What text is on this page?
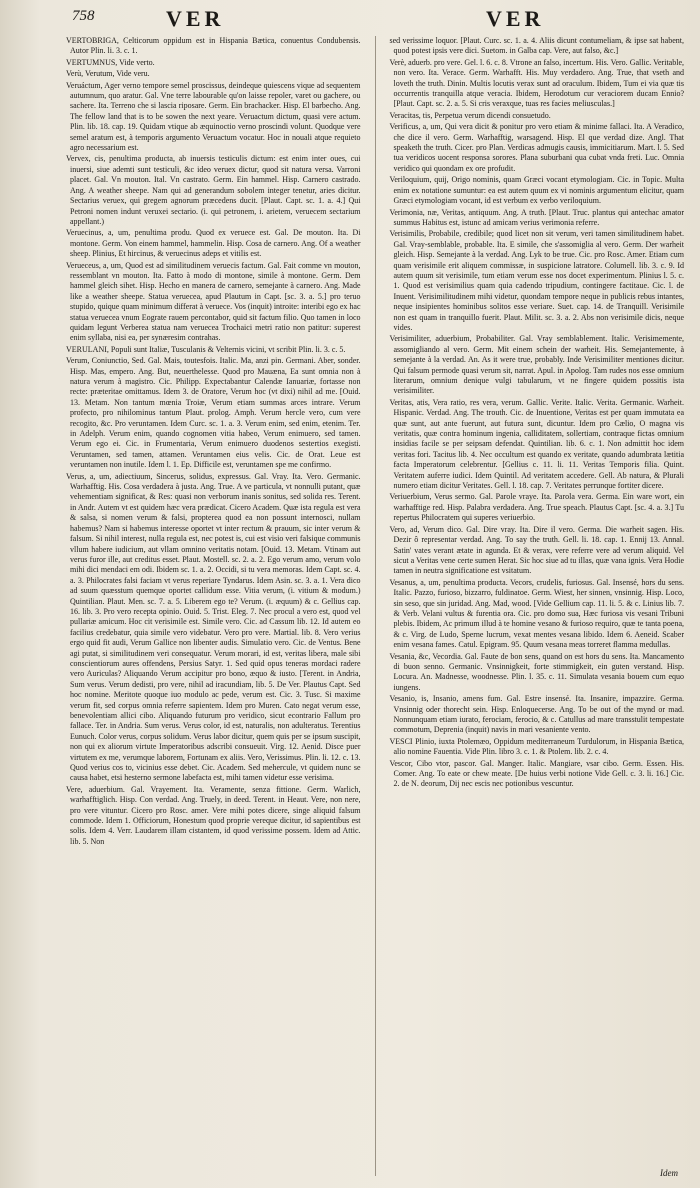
758	VER	VER

VERTOBRIGA, Celticorum oppidum est in Hispania Bætica, conuentus Condubensis. Autor Plin. li. 3. c. 1.

VERTUMNUS, Vide verto.

Verù, Verutum, Vide veru.

Veruáctum, Ager verno tempore semel proscissus, deindeque quiescens vique ad sequentem autumnum, quo aratur. Gal. Vne terre labourable qu'on laisse repoler, varet ou gachere, ou sachere. Ita. Terreno che si lascia riposare. Germ. Ein brachacker. Hisp. El barbecho. Ang. The fellow land that is to be sowen the next yeare. Veruactum dictum, quasi vere actum. Plin. lib. 18. cap. 19. Quidam vtique ab æquinoctio verno proscindi volunt. Quodque vere semel aratum est, à temporis argumento Veruactum vocatur. Hoc in nouali atque requieto agro necessarium est.

Vervex, cis, penultima producta, ab inuersis testiculis dictum: est enim inter oues, cui inuersi, siue ademti sunt testiculi, &c ideo veruex dictur, quod sit natura versa. Varroni placet. Gal. Vn mouton. Ital. Vn castrato. Germ. Ein hammel. Hisp. Carnero castrado. Ang. A weather sheepe. Nam qui ad generandum sobolem integer tenetur, aries dicitur. Sectarius veruex, qui gregem agnorum præcedens ducit. [Plaut. Capt. sc. 1. a. 4.] Qui Petroni nomen indunt veruxei sectario. (i. qui petronem, i. arietem, veruecem sectarium appellant.)

Veruecinus, a, um, penultima produ. Quod ex veruece est. Gal. De mouton. Ita. Di montone. Germ. Von einem hammel, hammelin. Hisp. Cosa de carnero. Ang. Of a weather sheep. Plinius, Et hircinus, & veruecinus adeps et vitilis est.

Verueceus, a, um, Quod est ad similitudinem veruecis factum. Gal. Fait comme vn mouton, ressemblant vn mouton. Ita. Fatto à modo di montone, simile à montone. Germ. Dem hammel gleich sihet. Hisp. Hecho en manera de carnero, semejante à carnero. Ang. Made like a weather sheepe. Statua veruecea, apud Plautum in Capt. [sc. 3. a. 5.] pro teruo stupido, quique quam minimum differat à veruece. Vos (inquit) introite: interibi ego ex hac statua veruecea vnum Eograte rauem percontabor, quid sit factum filio. Quo tamen in loco quidam legunt Verberea statua nam veruecea Trochaici metri ratio non patitur: superest enim syllaba, nisi ea, per synæresim contrahas.

VERULANI, Populi sunt Italiæ, Tusculanis & Velternis vicini, vt scribit Plin. li. 3. c. 5.

Verum, Coniunctio, Sed. Gal. Mais, toutesfois. Italic. Ma, anzi pin. Germani. Aber, sonder. Hisp. Mas, empero. Ang. But, neuerthelesse. Quod pro Mauæna, Ea sunt omnia non à natura verum à magistro. Cic. Philipp. Expectabantur Calendæ Ianuariæ, fortasse non recte: præteritae omittamus. Idem 3. de Oratore, Verum hoc (vt dixi) nihil ad me. [Ouid. 13. Metam. Non tantum mœnia Troiæ, Verum etiam summas arces intrare. Verum profecto, pro nihilominus tantum Plaut. prolog. Amph. Verum hercle vero, cum vere recogito, &c. Pro veruntamen. Idem Curc. sc. 1. a. 3. Verum enim, sed enim, etenim. Ter. in Adelph. Verum enim, quando cognomen vitia habeo, Verum enimuero, sed tamen. Verum ego ei. Cic. in Frumentaria, Verum enimuero duodenos sestertios exegisti. Veruntamen, sed tamen, attamen. Veruntamen eius velis. Cic. de Orat. Leue est veruntamen non inutile. Idem l. 1. Ep. Difficile est, veruntamen spe me confirmo.

Verus, a, um, adiectiuum, Sincerus, solidus, expressus. Gal. Vray. Ita. Vero. Germanic. Warhafftig. His. Cosa verdadera à justa. Ang. True. A ve particula, vt nonnulli putant, quæ vehementiam significat, & Res: quasi non verborum inanis sonitus, sed solida res. Terent. in Andr. Autem vt est quidem hæc vera prædicat. Cicero Academ. Quæ ista regula est vera & salsa, si nomen verum & falsi, propterea quod ea non possunt internosci, nullam habemus? Nam si habemus interesse oportet vt inter rectum & prauum, sic inter verum & falsum. Si nihil interest, nulla regula est, nec potest is, cui est visio veri falsique communis vllum habere iudicium, aut vllam omnino veritatis notam. [Ouid. 13. Metam. Vtinam aut verus furor ille, aut creditus esset. Plaut. Mostell. sc. 2. a. 2. Ego verum amo, verum volo mihi dici mendaci em odi. Ibidem sc. 1. a. 2. Occidi, si tu vera memoras. Idem Capt. sc. 4. a. 3. Philocrates falsi faciam vt verus reperiare Tyndarus. Idem Asin. sc. 3. a. 1. Vera dico ad suum quæsstum quemque oportet callidum esse. Vitia verum, (i. vitium & modum.) Quintilian. Plaut. Men. sc. 7. a. 5. Liberem ego te? Verum. (i. æquum) & c. Gellius cap. 16. lib. 3. Pro vero recepta opinio. Ouid. 5. Trist. Eleg. 7. Nec procul a vero est, quod vel pullariæ amicum. Hoc cit verisimile est. Simile vero. Cic. ad Cassum lib. 12. Id autem eo facilius credebatur, quia simile vero videbatur. Vero pro vere. Martial. lib. 8. Vero verius ergo quid fit audi, Verum Gallice non libenter audis. Simulatio vero. Cic. de Ventus. Bene agi putat, si similitudinem veri consequatur. Verum morari, id est, veritas libera, male sibi conscientiorum aures offendens, Persius Satyr. 1. Sed quid opus teneras mordaci radere vero Auriculas? Aliquando Verum accipitur pro bono, æquo & iusto. [Terent. in Andria, Sum verus. Verum dedisti, pro vere, nihil ad iracundiam, lib. 5. De Ver. Plautus Capt. Sed hoc nomine. Meritote quoque iuo modulo ac pede, verum est. Cic. 3. Tusc. Si maxime verum fit, sed corpus omnia referre sapientem. Idem pro Muren. Cato negat verum esse, benevolentiam allici cibo. Aliquando futurum pro veridico, sicut econtrario Fallum pro fallace. Ter. in Andria. Sum verus. Verus color, id est, naturalis, non adulteratus. Terentius Eunuch. Color verus, corpus solidum. Verus labor dicitur, quem quis per se ipsum suscipit, non qui ex aliorum virtute Imperatoribus adscribi consueuit. Virg. 12. Aenid. Disce puer virtutem ex me, verumque laborem, Fortunam ex aliis. Vero, Verissimus. Plin. li. 12. c. 13. Quod verius cos to, vicinius esse debet. Cic. Academ. Sed mehercule, vt quidem nunc se causa habet, etsi hesterno sermone labefacta est, mihi tamen videtur esse verisima.

Vere, aduerbium. Gal. Vrayement. Ita. Veramente, senza fittione. Germ. Warlich, warhafftiglich. Hisp. Con verdad. Ang. Truely, in deed. Terent. in Heaut. Vere, non nere, pro vere vituntur. Cicero pro Rosc. amer. Vere mihi potes dicere, singe aliquid falsum commode. Idem 1. Officiorum, Honestum quod proprie vereque dicitur, id sapientibus est solis. Idem 4. Verr. Laudarem illam cistantem, id quod verissime possem. Idem ad Attic. lib. 5. Non

sed verissime loquor. [Plaut. Curc. sc. 1. a. 4. Aliis dicunt contumeliam, & ipse sat habent, quod potest ipsis vere dici. Suetom. in Galba cap. Vere, aut falso, &c.]

Verè, aduerb. pro vere. Gel. l. 6. c. 8. Vtrone an falso, incertum. His. Vero. Gallic. Veritable, non vero. Ita. Verace. Germ. Warhafft. His. Muy verdadero. Ang. True, that vseth and loveth the truth. Dinin. Multis locutis verax sunt ad oraculum. Ibidem, Tum ei via quæ tis occurrentis tranquilla atque veracia. Ibidem, Herodotum cur veraciorem ducam Ennio? [Plaut. Capt. sc. 2. a. 5. Si cris veraxque, tuas res facies meliusculas.]

Veracitas, tis, Perpetua verum dicendi consuetudo.

Verificus, a, um, Qui vera dicit & ponitur pro vero etiam & minime fallaci. Ita. A Veradico, che dice il vero. Germ. Warhafftig, warsagend. Hisp. El que verdad dize. Angl. That speaketh the truth. Cicer. pro Plan. Verdicas admugis causis, immicitiarum. Mart. l. 5. Sed tua veridicos uocent responsa sorores. Plana suburbani qua cubat vnda freti. Luc. Omnia veridico qui quondam ex ore profudit.

Veriloquium, quij, Origo nominis, quam Græci vocant etymologiam. Cic. in Topic. Multa enim ex notatione sumuntur: ea est autem quum ex vi nominis argumentum elicitur, quam Græci etymologiam vocant, id est verbum ex verbo veriloquium.

Verimonia, næ, Veritas, antiquum. Ang. A truth. [Plaut. Truc. plantus qui antechac amator summus Habitus est, istunc ad amicam verius verimonia referre.

Verisimilis, Probabile, credibile; quod licet non sit verum, veri tamen similitudinem habet. Gal. Vray-semblable, probable. Ita. E simile, che s'assomiglia al vero. Germ. Der warheit gleich. Hisp. Semejante à la verdad. Ang. Lyk to be true. Cic. pro Rosc. Amer. Etiam cum quam verisimile erit aliquem commissæ, in suspicione latratore. Columell. lib. 3. c. 9. Id autem quum sit verisimile, tum etiam verum esse nos docet experimentum. Plinius l. 5. c. 1. Quod est verisimilius quam quia cadendo tripudium, contingere factitaue. Cic. l. de Inuent. Verisimilitudinem mihi videtur, quondam tempore neque in publicis rebus intantes, neque insipientes hominibus solitos esse veriare. Suet. cap. 14. de Tranquill. Verisimile non est quam in tranquillo fuerit. Plaut. Milit. sc. 3. a. 2. Abs non verisimile dicis, neque vides.

Verisimiliter, aduerbium, Probabiliter. Gal. Vray semblablement. Italic. Verisimemente, assomigliando al vero. Germ. Mit einem schein der warheit. His. Semejantemente, à semejante à la verdad. An. As it were true, probably. Inde Verisimiliter mentiones dicitur. Qui falsum permode quasi verum sit, narrat. Apul. in Apolog. Tam rudes nos esse omnium literarum, omnium denique vulgi tabularum, vt ne fingere quidem possitis ista verisimiliter.

Veritas, atis, Vera ratio, res vera, verum. Gallic. Verite. Italic. Verita. Germanic. Warheit. Hispanic. Verdad. Ang. The trouth. Cic. de Inuentione, Veritas est per quam immutata ea quæ sunt, aut ante fuerunt, aut futura sunt, dicuntur. Idem pro Cælio, O magna vis veritatis, quæ contra hominum ingenia, calliditatem, sollertiam, contraque fictas omnium insidias facile se per seipsam defendat. Quintilian. lib. 6. c. 1. Non admittit hoc idem veritas fori. Tacitus lib. 4. Nec occultum est quando ex veritate, quando adumbrata lætitia facta Imperatorum celebrentur. [Gellius c. 11. li. 11. Veritas Temporis filia. Quint. Veritatem auferre iudici. Idem Quintil. Ad veritatem accedere. Gell. Ab natura, & Plurali numero etiam dicitur Veritates. Gell. l. 18. cap. 7. Veritates perrunque fortiter dicere.

Veriuerbium, Verus sermo. Gal. Parole vraye. Ita. Parola vera. Germa. Ein ware wort, ein warhafftige red. Hisp. Palabra verdadera. Ang. True speach. Plautus Capt. [sc. 4. a. 3.] Tu repertus Philocratem qui superes veriuerbio.

Vero, ad, Verum dico. Gal. Dire vray. Ita. Dire il vero. Germa. Die warheit sagen. His. Dezir ô representar verdad. Ang. To say the truth. Gell. li. 18. cap. 1. Ennij 13. Annal. Satin' vates verant ætate in agunda. Et & verax, vere referre vere ad verum aliquid. Vel sicut a Veritas vene certe sumen Herat. Sic hoc siue ad tu illas, quæ vana ignis. Vera Hodie tamen in neutra significatione est vsitatum.

Vesanus, a, um, penultima producta. Vecors, crudelis, furiosus. Gal. Insensé, hors du sens. Italic. Pazzo, furioso, bizzarro, fuldinatoe. Germ. Wiest, her sinnen, vnsinnig. Hisp. Loco, sin seso, que sin juridad. Ang. Mad, wood. [Vide Gellium cap. 11. li. 5. & c. Linius lib. 7. & Verb. Velani vultus & furentia ora. Cic. pro domo sua, Hæc furiosa vis vesani Tribuni plebis. Ibidem, Ac primum illud à te homine vesano & furioso requiro, quæ te tanta poena, & c. Virg. de Ludo, Sperne lucrum, vexat mentes vesana libido. Idem 6. Aeneid. Scaber enim vesana fames. Catul. Epigram. 95. Quum vesana meas torreret flamma medullas.

Vesania, &c, Vecordia. Gal. Faute de bon sens, quand on est hors du sens. Ita. Mancamento di buon senno. Germanic. Vnsinnigkeit, forte stimmigkeit, ein guten verstand. Hisp. Locura. An. Madnesse, woodnesse. Plin. l. 35. c. 11. Simulata vesania bouem cum equo iungens.

Vesanio, is, Insanio, amens fum. Gal. Estre insensé. Ita. Insanire, impazzire. Germa. Vnsinnig oder thorecht sein. Hisp. Enloquecerse. Ang. To be out of the mynd or mad. Nonnunquam etiam iurato, ferociam, ferocio, & c. Catullus ad mare transstulit tempestate commotum, Deprenia (inquit) navis in mari vesaniente vento.

VESCI Plinio, iuxta Ptolemæo, Oppidum mediterraneum Turdulorum, in Hispania Bætica, alio nomine Fauentia. Vide Plin. libro 3. c. 1. & Ptolem. lib. 2. c. 4.

Vescor, Cibo vtor, pascor. Gal. Manger. Italic. Mangiare, vsar cibo. Germ. Essen. His. Comer. Ang. To eate or chew meate. [De huius verbi notione Vide Gell. c. 3. li. 16.] Cic. 2. de N. deorum, Dij nec escis nec potionibus vescuntur.

Idem
